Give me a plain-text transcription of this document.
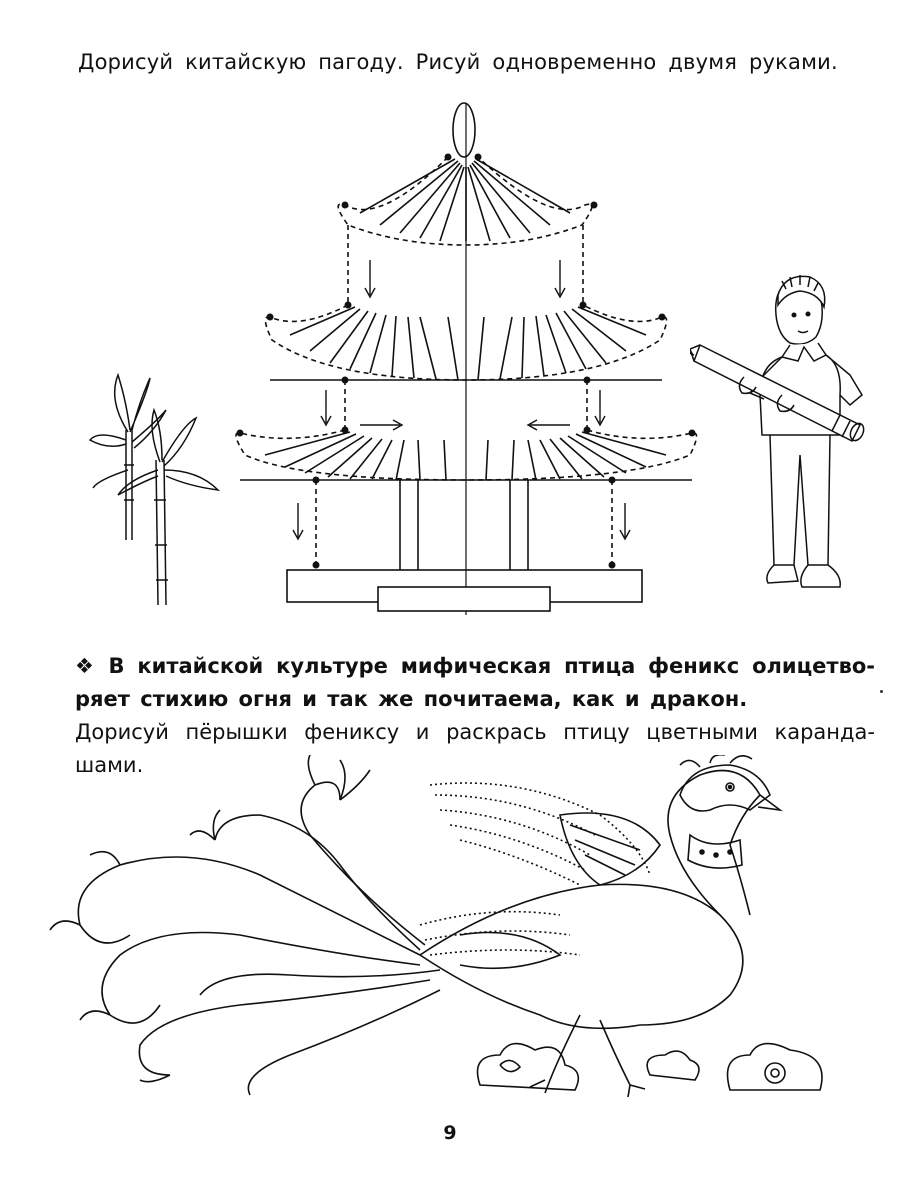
Дорисуй китайскую пагоду. Рисуй одновременно двумя руками.
❖ В китайской культуре мифическая птица феникс олицетво-ряет стихию огня и так же почитаема, как и дракон.
Дорисуй пёрышки фениксу и раскрась птицу цветными каранда-шами.
9
